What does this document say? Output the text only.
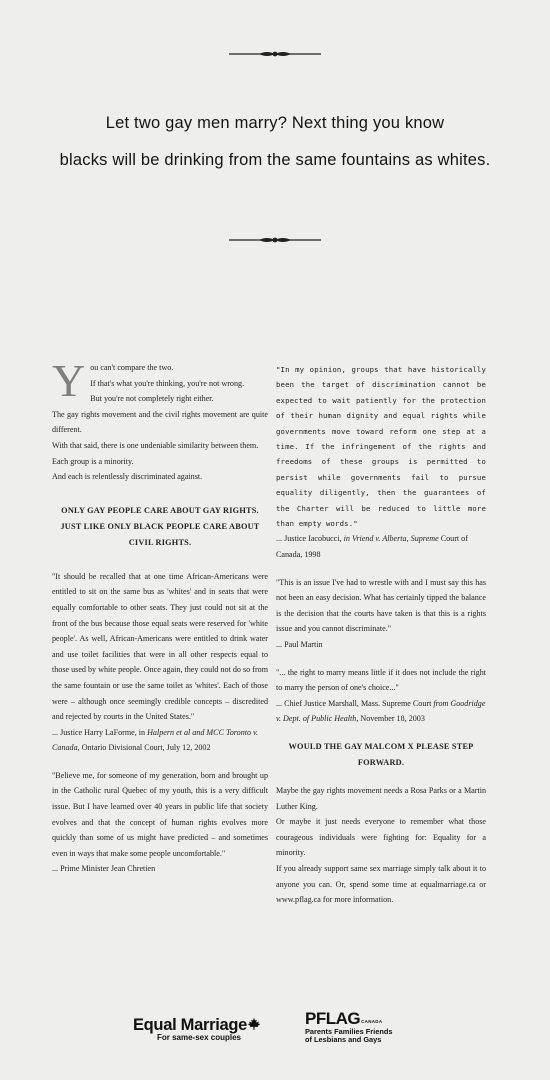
Let two gay men marry? Next thing you know
blacks will be drinking from the same fountains as whites.
Y ou can't compare the two.

If that's what you're thinking, you're not wrong.

But you're not completely right either.

The gay rights movement and the civil rights movement are quite different.

With that said, there is one undeniable similarity between them.

Each group is a minority.

And each is relentlessly discriminated against.

ONLY GAY PEOPLE CARE ABOUT GAY RIGHTS. JUST LIKE ONLY BLACK PEOPLE CARE ABOUT CIVIL RIGHTS.

"It should be recalled that at one time African-Americans were entitled to sit on the same bus as 'whites' and in seats that were equally comfortable to other seats. They just could not sit at the front of the bus because those equal seats were reserved for 'white people'. As well, African-Americans were entitled to drink water and use toilet facilities that were in all other respects equal to those used by white people. Once again, they could not do so from the same fountain or use the same toilet as 'whites'. Each of those were – although once seemingly credible concepts – discredited and rejected by courts in the United States."

... Justice Harry LaForme, in Halpern et al and MCC Toronto v. Canada, Ontario Divisional Court, July 12, 2002

"Believe me, for someone of my generation, born and brought up in the Catholic rural Quebec of my youth, this is a very difficult issue. But I have learned over 40 years in public life that society evolves and that the concept of human rights evolves more quickly than some of us might have predicted – and sometimes even in ways that make some people uncomfortable."

... Prime Minister Jean Chretien

"In my opinion, groups that have historically been the target of discrimination cannot be expected to wait patiently for the protection of their human dignity and equal rights while governments move toward reform one step at a time. If the infringement of the rights and freedoms of these groups is permitted to persist while governments fail to pursue equality diligently, then the guarantees of the Charter will be reduced to little more than empty words."

... Justice Iacobucci, in Vriend v. Alberta, Supreme Court of Canada, 1998

"This is an issue I've had to wrestle with and I must say this has not been an easy decision. What has certainly tipped the balance is the decision that the courts have taken is that this is a rights issue and you cannot discriminate."

... Paul Martin

"... the right to marry means little if it does not include the right to marry the person of one's choice..."

... Chief Justice Marshall, Mass. Supreme Court from Goodridge v. Dept. of Public Health, November 18, 2003

WOULD THE GAY MALCOM X PLEASE STEP FORWARD.

Maybe the gay rights movement needs a Rosa Parks or a Martin Luther King.

Or maybe it just needs everyone to remember what those courageous individuals were fighting for: Equality for a minority.

If you already support same sex marriage simply talk about it to anyone you can. Or, spend some time at equalmarriage.ca or www.pflag.ca for more information.

Equal Marriage
For same-sex couples
PFLAGCANADA
Parents Families Friends
of Lesbians and Gays
